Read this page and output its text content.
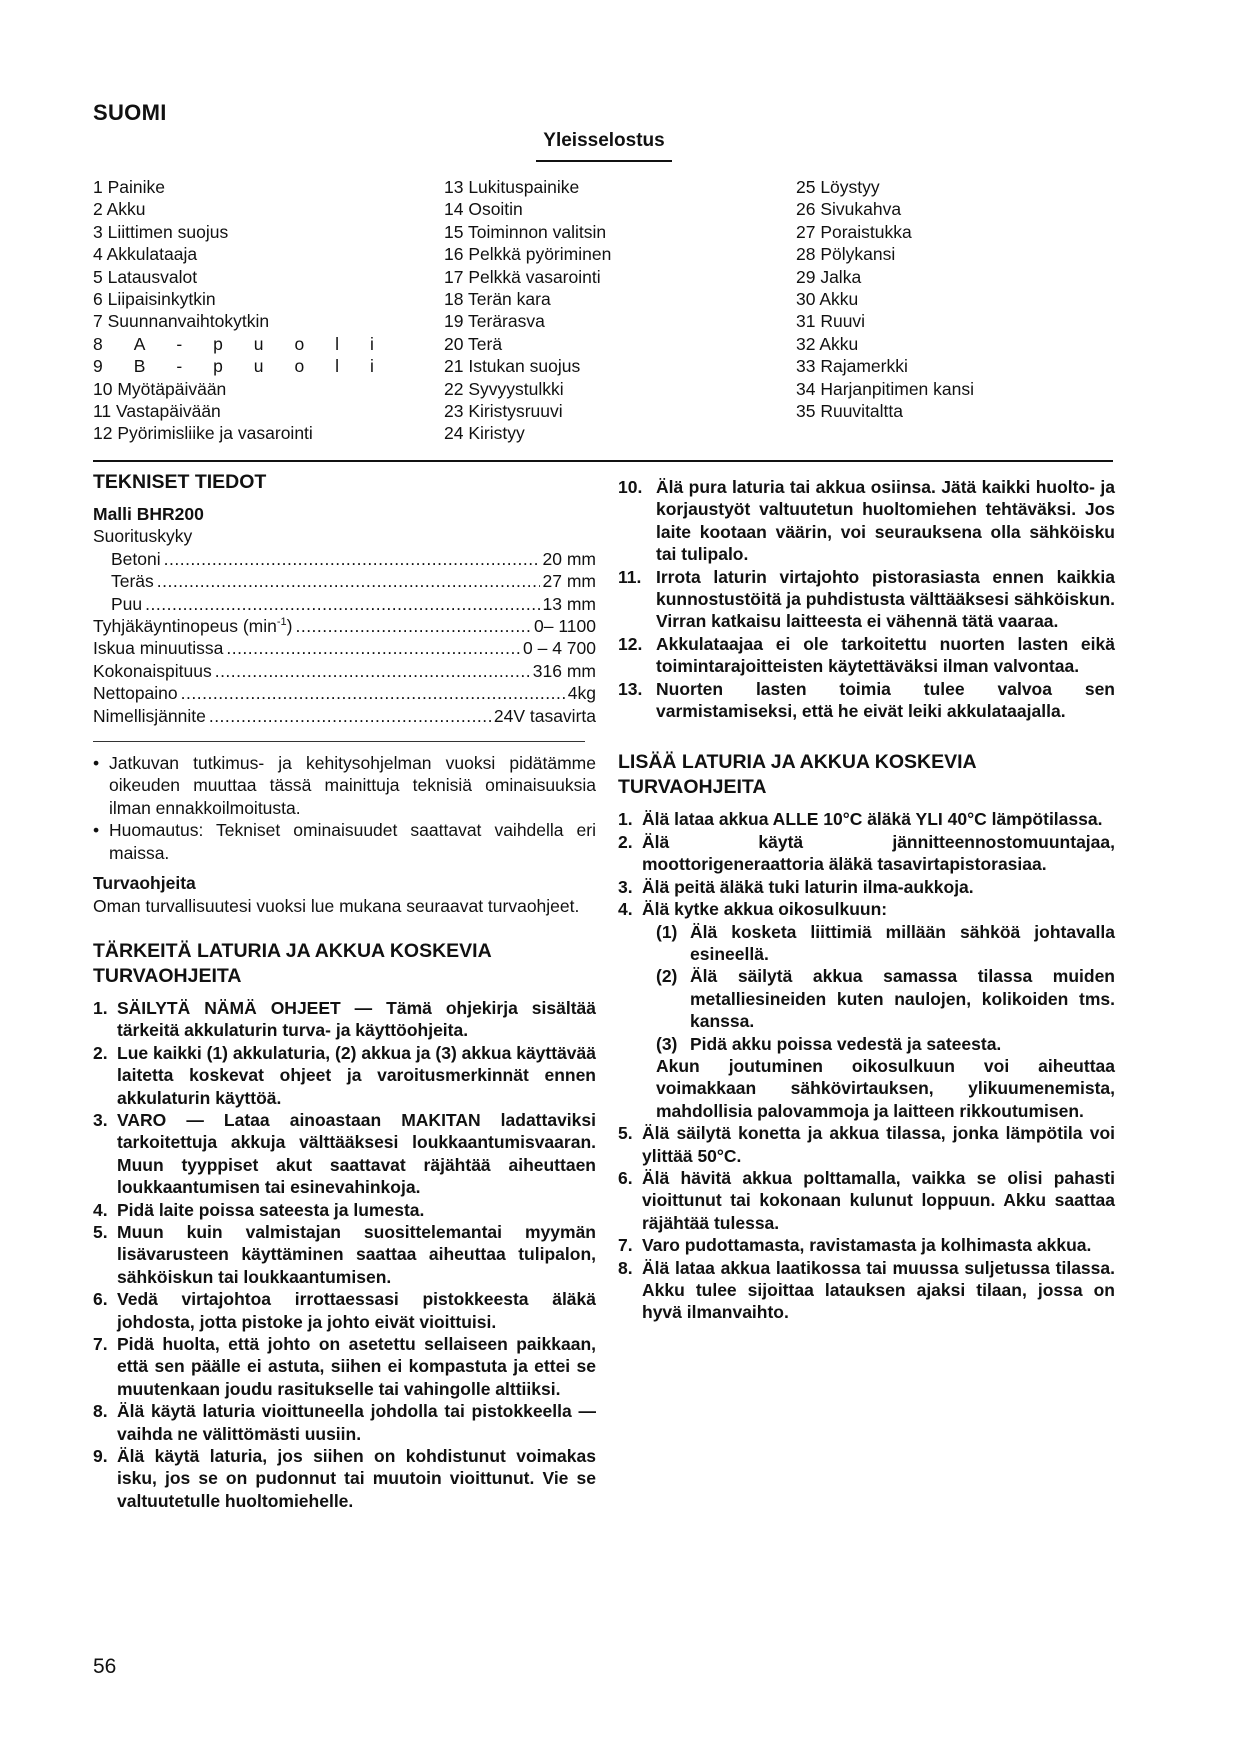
SUOMI
Yleisselostus
1 Painike
2 Akku
3 Liittimen suojus
4 Akkulataaja
5 Latausvalot
6 Liipaisinkytkin
7 Suunnanvaihtokytkin
8 A - p u o l i
9 B - p u o l i
10 Myötäpäivään
11 Vastapäivään
12 Pyörimisliike ja vasarointi
13 Lukituspainike
14 Osoitin
15 Toiminnon valitsin
16 Pelkkä pyöriminen
17 Pelkkä vasarointi
18 Terän kara
19 Terärasva
20 Terä
21 Istukan suojus
22 Syvyystulkki
23 Kiristysruuvi
24 Kiristyy
25 Löystyy
26 Sivukahva
27 Poraistukka
28 Pölykansi
29 Jalka
30 Akku
31 Ruuvi
32 Akku
33 Rajamerkki
34 Harjanpitimen kansi
35 Ruuvitaltta
TEKNISET TIEDOT
Malli BHR200
Suorituskyky
Betoni .....	20 mm
Teräs .....	27 mm
Puu .....	13 mm
Tyhjäkäyntinopeus $(\min^{-1})$ .....	0– 1100
Iskua minuutissa .....	0 – 4 700
Kokonaispituus .....	316 mm
Nettopaino .....	4kg
Nimellisjännite .....	24V tasavirta
• Jatkuvan tutkimus- ja kehitysohjelman vuoksi pidätämme oikeuden muuttaa tässä mainittuja teknisiä ominaisuuksia ilman ennakkoilmoitusta.
• Huomautus: Tekniset ominaisuudet saattavat vaihdella eri maissa.
Turvaohjeita
Oman turvallisuutesi vuoksi lue mukana seuraavat turvaohjeet.
TÄRKEITÄ LATURIA JA AKKUA KOSKEVIA TURVAOHJEITA
1. SÄILYTÄ NÄMÄ OHJEET — Tämä ohjekirja sisältää tärkeitä akkulaturin turva- ja käyttöohjeita.
2. Lue kaikki (1) akkulaturia, (2) akkua ja (3) akkua käyttävää laitetta koskevat ohjeet ja varoitusmerkinnät ennen akkulaturin käyttöä.
3. VARO — Lataa ainoastaan MAKITAN ladattaviksi tarkoitettuja akkuja välttääksesi loukkaantumisvaaran. Muun tyyppiset akut saattavat räjähtää aiheuttaen loukkaantumisen tai esinevahinkoja.
4. Pidä laite poissa sateesta ja lumesta.
5. Muun kuin valmistajan suosittelemantai myymän lisävarusteen käyttäminen saattaa aiheuttaa tulipalon, sähköiskun tai loukkaantumisen.
6. Vedä virtajohtoa irrottaessasi pistokkeesta äläkä johdosta, jotta pistoke ja johto eivät vioittuisi.
7. Pidä huolta, että johto on asetettu sellaiseen paikkaan, että sen päälle ei astuta, siihen ei kompastuta ja ettei se muutenkaan joudu rasitukselle tai vahingolle alttiiksi.
8. Älä käytä laturia vioittuneella johdolla tai pistokkeella — vaihda ne välittömästi uusiin.
9. Älä käytä laturia, jos siihen on kohdistunut voimakas isku, jos se on pudonnut tai muutoin vioittunut. Vie se valtuutetulle huoltomiehelle.
10. Älä pura laturia tai akkua osiinsa. Jätä kaikki huolto- ja korjaustyöt valtuutetun huoltomiehen tehtäväksi. Jos laite kootaan väärin, voi seurauksena olla sähköisku tai tulipalo.
11. Irrota laturin virtajohto pistorasiasta ennen kaikkia kunnostustöitä ja puhdistusta välttääksesi sähköiskun. Virran katkaisu laitteesta ei vähennä tätä vaaraa.
12. Akkulataajaa ei ole tarkoitettu nuorten lasten eikä toimintarajoitteisten käytettäväksi ilman valvontaa.
13. Nuorten lasten toimia tulee valvoa sen varmistamiseksi, että he eivät leiki akkulataajalla.
LISÄÄ LATURIA JA AKKUA KOSKEVIA TURVAOHJEITA
1. Älä lataa akkua ALLE 10°C äläkä YLI 40°C lämpötilassa.
2. Älä käytä jännitteennostomuuntajaa, moottorigeneraattoria äläkä tasavirtapistorasiaa.
3. Älä peitä äläkä tuki laturin ilma-aukkoja.
4. Älä kytke akkua oikosulkuun:
(1) Älä kosketa liittimiä millään sähköä johtavalla esineellä.
(2) Älä säilytä akkua samassa tilassa muiden metalliesineiden kuten naulojen, kolikoiden tms. kanssa.
(3) Pidä akku poissa vedestä ja sateesta.
Akun joutuminen oikosulkuun voi aiheuttaa voimakkaan sähkövirtauksen, ylikuumenemista, mahdollisia palovammoja ja laitteen rikkoutumisen.
5. Älä säilytä konetta ja akkua tilassa, jonka lämpötila voi ylittää 50°C.
6. Älä hävitä akkua polttamalla, vaikka se olisi pahasti vioittunut tai kokonaan kulunut loppuun. Akku saattaa räjähtää tulessa.
7. Varo pudottamasta, ravistamasta ja kolhimasta akkua.
8. Älä lataa akkua laatikossa tai muussa suljetussa tilassa. Akku tulee sijoittaa latauksen ajaksi tilaan, jossa on hyvä ilmanvaihto.
56
